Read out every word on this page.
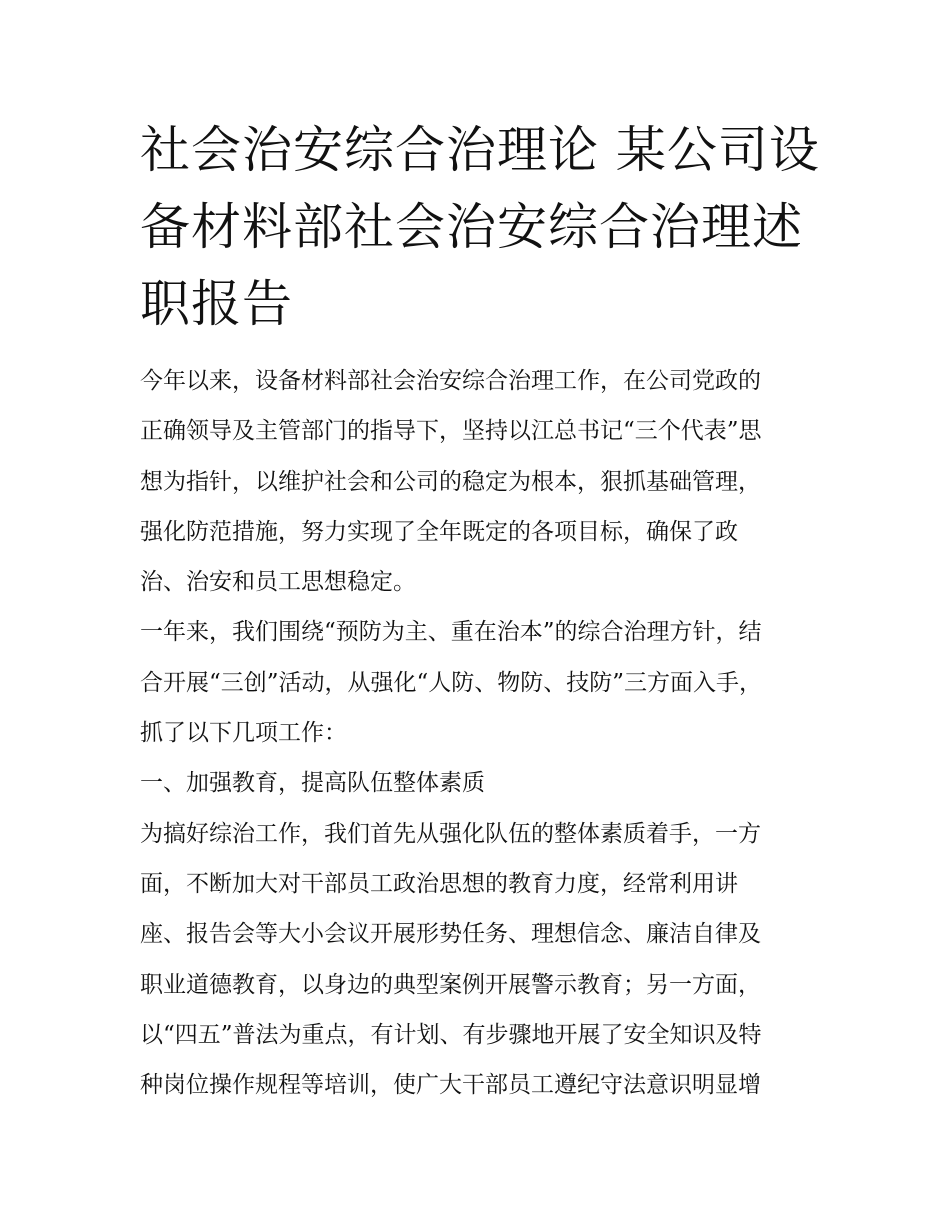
社会治安综合治理论 某公司设
备材料部社会治安综合治理述
职报告
今年以来，设备材料部社会治安综合治理工作，在公司党政的
正确领导及主管部门的指导下，坚持以江总书记“三个代表”思
想为指针，以维护社会和公司的稳定为根本，狠抓基础管理，
强化防范措施，努力实现了全年既定的各项目标，确保了政
治、治安和员工思想稳定。
一年来，我们围绕“预防为主、重在治本”的综合治理方针，结
合开展“三创”活动，从强化“人防、物防、技防”三方面入手，
抓了以下几项工作：
一、加强教育，提高队伍整体素质
为搞好综治工作，我们首先从强化队伍的整体素质着手，一方
面，不断加大对干部员工政治思想的教育力度，经常利用讲
座、报告会等大小会议开展形势任务、理想信念、廉洁自律及
职业道德教育，以身边的典型案例开展警示教育；另一方面，
以“四五”普法为重点，有计划、有步骤地开展了安全知识及特
种岗位操作规程等培训，使广大干部员工遵纪守法意识明显增
